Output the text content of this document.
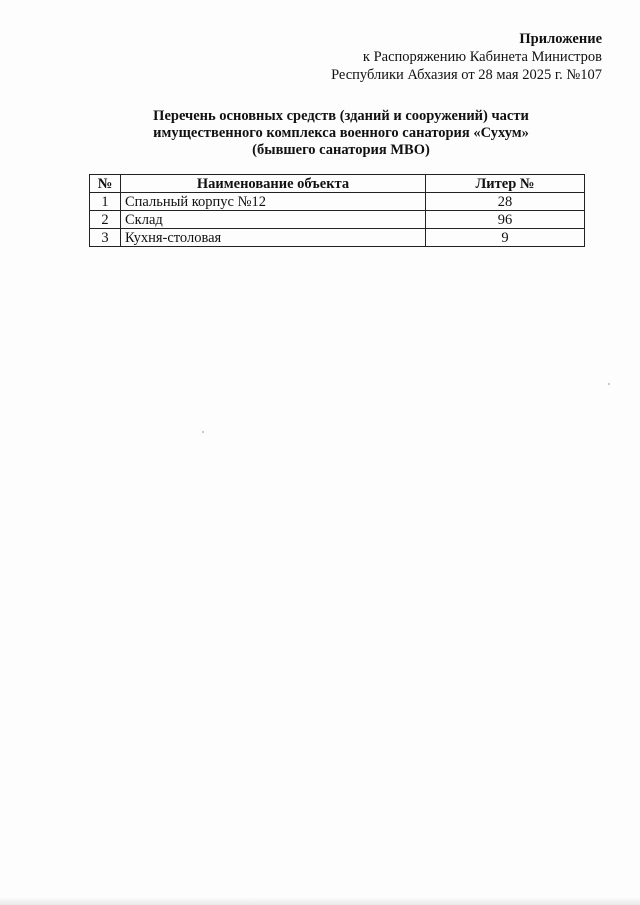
Приложение
к Распоряжению Кабинета Министров
Республики Абхазия от 28 мая 2025 г. №107
Перечень основных средств (зданий и сооружений) части
имущественного комплекса военного санатория «Сухум»
(бывшего санатория МВО)
№	Наименование объекта	Литер №
1	Спальный корпус №12	28
2	Склад	96
3	Кухня-столовая	9
